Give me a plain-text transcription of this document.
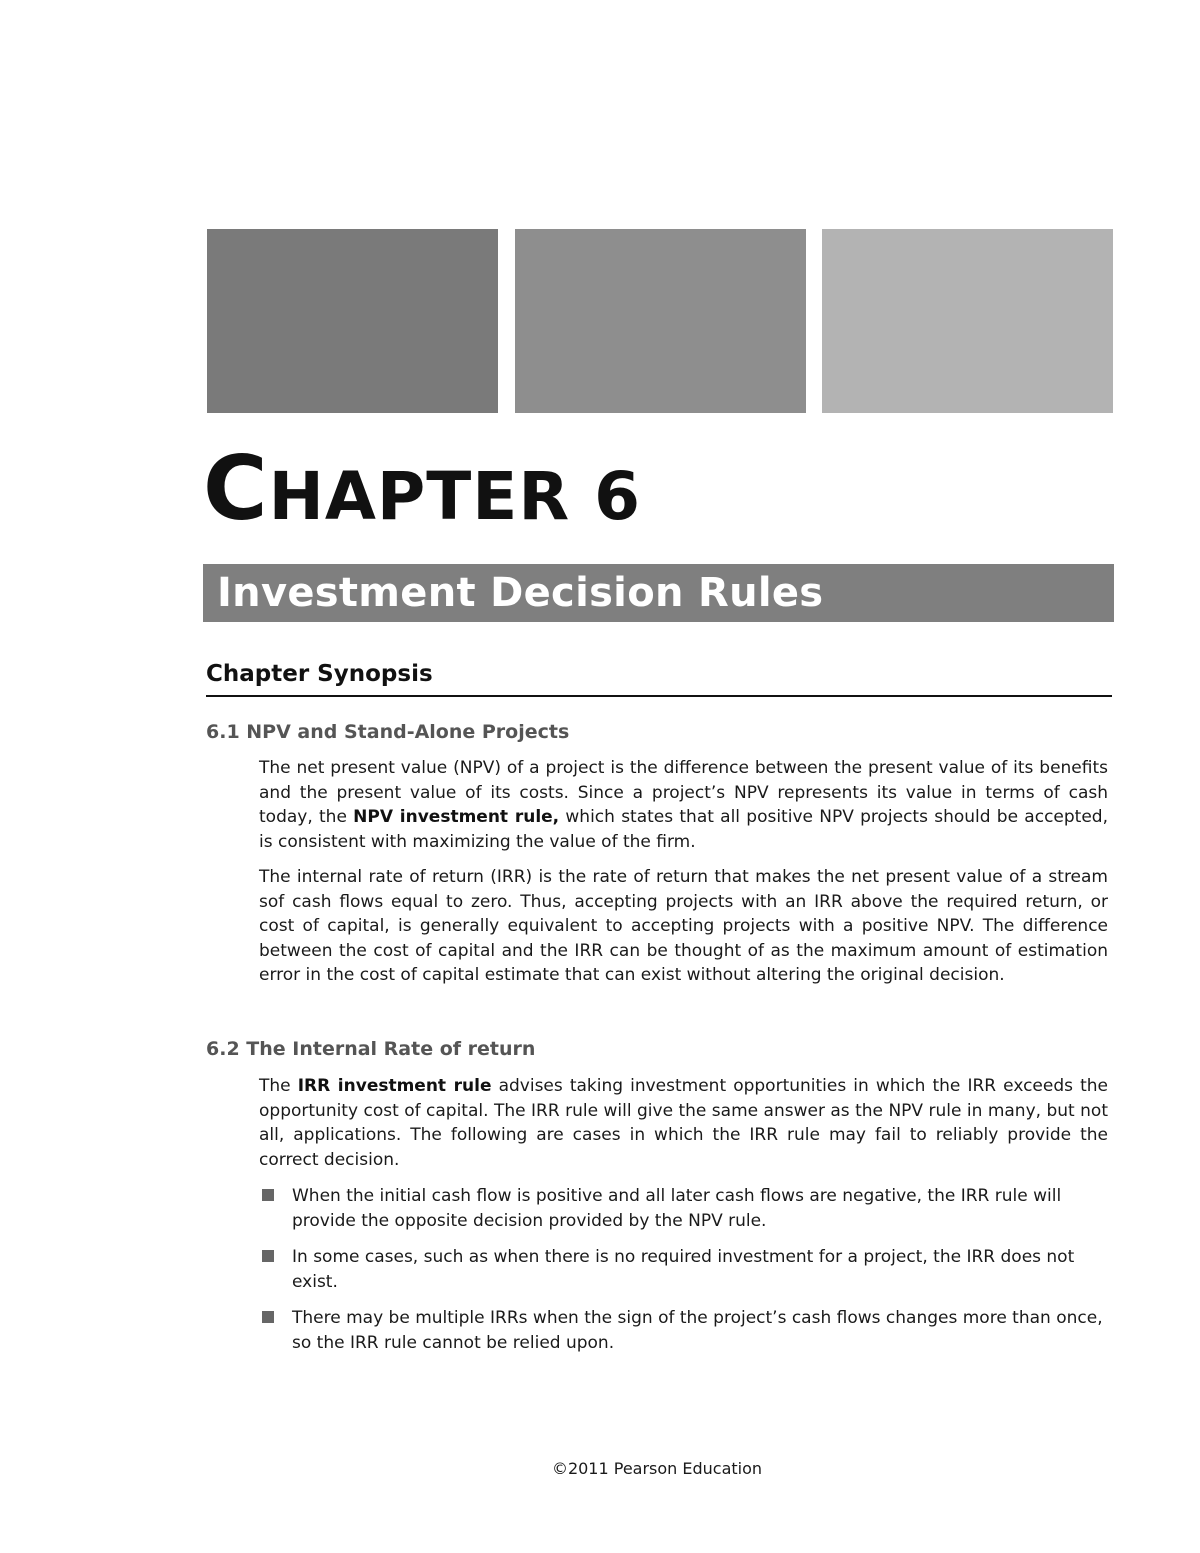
CHAPTER 6
Investment Decision Rules
Chapter Synopsis
6.1 NPV and Stand-Alone Projects

The net present value (NPV) of a project is the difference between the present value of its benefits and the present value of its costs. Since a project’s NPV represents its value in terms of cash today, the NPV investment rule, which states that all positive NPV projects should be accepted, is consistent with maximizing the value of the firm.

The internal rate of return (IRR) is the rate of return that makes the net present value of a stream sof cash flows equal to zero. Thus, accepting projects with an IRR above the required return, or cost of capital, is generally equivalent to accepting projects with a positive NPV. The difference between the cost of capital and the IRR can be thought of as the maximum amount of estimation error in the cost of capital estimate that can exist without altering the original decision.

6.2 The Internal Rate of return

The IRR investment rule advises taking investment opportunities in which the IRR exceeds the opportunity cost of capital. The IRR rule will give the same answer as the NPV rule in many, but not all, applications. The following are cases in which the IRR rule may fail to reliably provide the correct decision.

When the initial cash flow is positive and all later cash flows are negative, the IRR rule will provide the opposite decision provided by the NPV rule.

In some cases, such as when there is no required investment for a project, the IRR does not exist.

There may be multiple IRRs when the sign of the project’s cash flows changes more than once, so the IRR rule cannot be relied upon.

©2011 Pearson Education
